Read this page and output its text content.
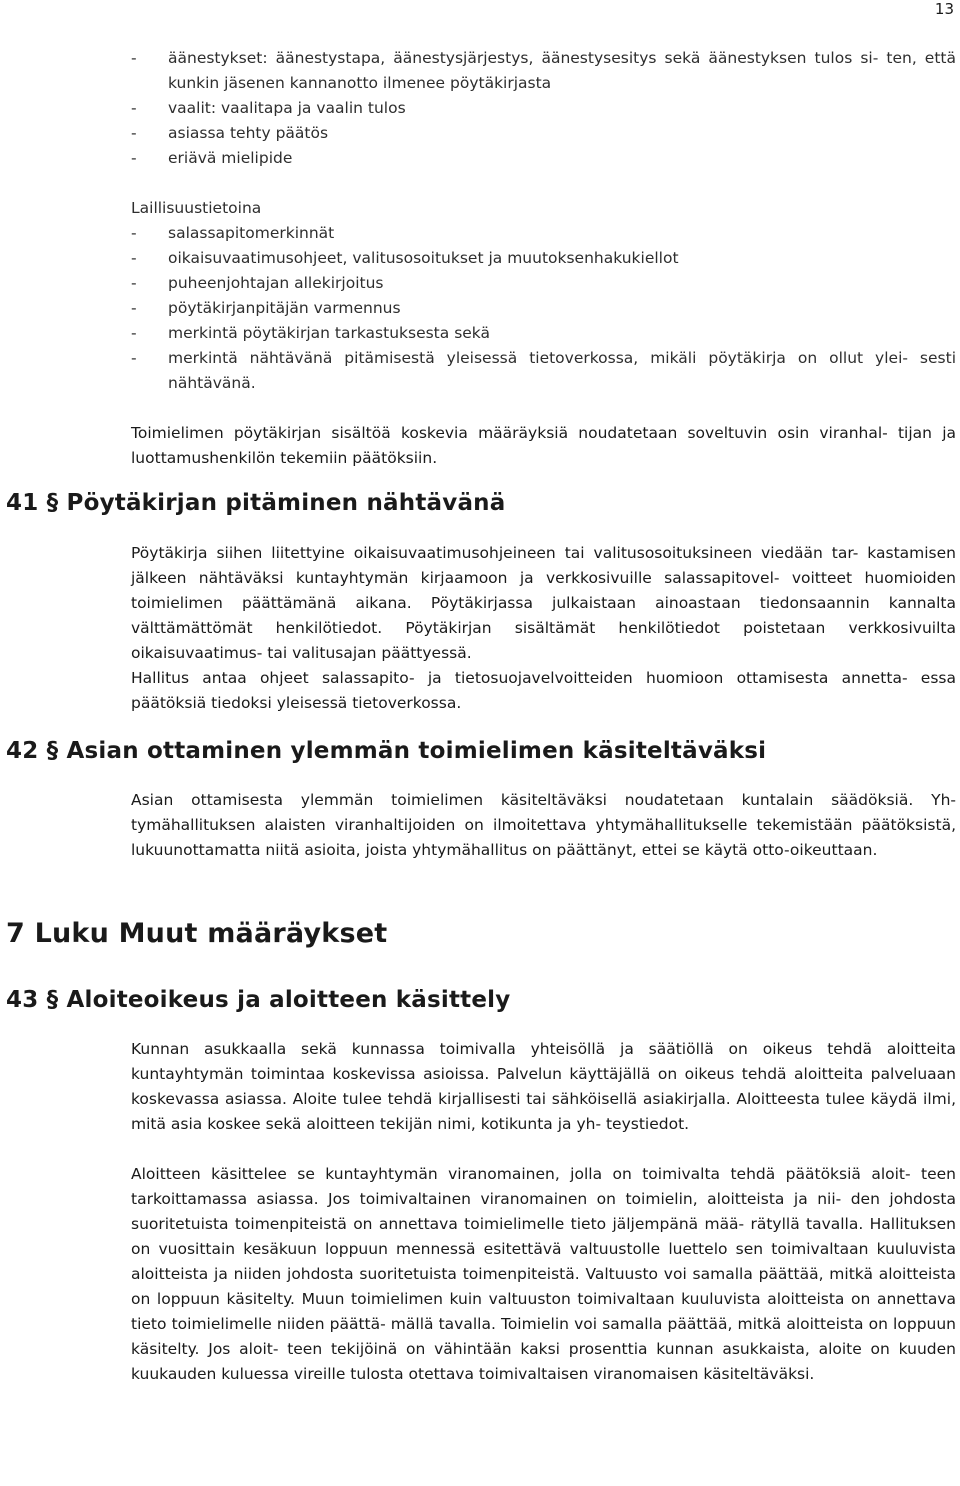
13
-	äänestykset: äänestystapa, äänestysjärjestys, äänestysesitys sekä äänestyksen tulos si- ten, että kunkin jäsenen kannanotto ilmenee pöytäkirjasta
-	vaalit: vaalitapa ja vaalin tulos
-	asiassa tehty päätös
-	eriävä mielipide

Laillisuustietoina

-	salassapitomerkinnät
-	oikaisuvaatimusohjeet, valitusosoitukset ja muutoksenhakukiellot
-	puheenjohtajan allekirjoitus
-	pöytäkirjanpitäjän varmennus
-	merkintä pöytäkirjan tarkastuksesta sekä
-	merkintä nähtävänä pitämisestä yleisessä tietoverkossa, mikäli pöytäkirja on ollut ylei- sesti nähtävänä.

Toimielimen pöytäkirjan sisältöä koskevia määräyksiä noudatetaan soveltuvin osin viranhal- tijan ja luottamushenkilön tekemiin päätöksiin.

41 § Pöytäkirjan pitäminen nähtävänä

Pöytäkirja siihen liitettyine oikaisuvaatimusohjeineen tai valitusosoituksineen viedään tar- kastamisen jälkeen nähtäväksi kuntayhtymän kirjaamoon ja verkkosivuille salassapitovel- voitteet huomioiden toimielimen päättämänä aikana. Pöytäkirjassa julkaistaan ainoastaan tiedonsaannin kannalta välttämättömät henkilötiedot. Pöytäkirjan sisältämät henkilötiedot poistetaan verkkosivuilta oikaisuvaatimus- tai valitusajan päättyessä.

Hallitus antaa ohjeet salassapito- ja tietosuojavelvoitteiden huomioon ottamisesta annetta- essa päätöksiä tiedoksi yleisessä tietoverkossa.

42 § Asian ottaminen ylemmän toimielimen käsiteltäväksi

Asian ottamisesta ylemmän toimielimen käsiteltäväksi noudatetaan kuntalain säädöksiä. Yh- tymähallituksen alaisten viranhaltijoiden on ilmoitettava yhtymähallitukselle tekemistään päätöksistä, lukuunottamatta niitä asioita, joista yhtymähallitus on päättänyt, ettei se käytä otto-oikeuttaan.

7 Luku Muut määräykset
43 § Aloiteoikeus ja aloitteen käsittely

Kunnan asukkaalla sekä kunnassa toimivalla yhteisöllä ja säätiöllä on oikeus tehdä aloitteita kuntayhtymän toimintaa koskevissa asioissa. Palvelun käyttäjällä on oikeus tehdä aloitteita palveluaan koskevassa asiassa. Aloite tulee tehdä kirjallisesti tai sähköisellä asiakirjalla. Aloitteesta tulee käydä ilmi, mitä asia koskee sekä aloitteen tekijän nimi, kotikunta ja yh- teystiedot.

Aloitteen käsittelee se kuntayhtymän viranomainen, jolla on toimivalta tehdä päätöksiä aloit- teen tarkoittamassa asiassa. Jos toimivaltainen viranomainen on toimielin, aloitteista ja nii- den johdosta suoritetuista toimenpiteistä on annettava toimielimelle tieto jäljempänä mää- rätyllä tavalla. Hallituksen on vuosittain kesäkuun loppuun mennessä esitettävä valtuustolle luettelo sen toimivaltaan kuuluvista aloitteista ja niiden johdosta suoritetuista toimenpiteistä. Valtuusto voi samalla päättää, mitkä aloitteista on loppuun käsitelty. Muun toimielimen kuin valtuuston toimivaltaan kuuluvista aloitteista on annettava tieto toimielimelle niiden päättä- mällä tavalla. Toimielin voi samalla päättää, mitkä aloitteista on loppuun käsitelty. Jos aloit- teen tekijöinä on vähintään kaksi prosenttia kunnan asukkaista, aloite on kuuden kuukauden kuluessa vireille tulosta otettava toimivaltaisen viranomaisen käsiteltäväksi.
